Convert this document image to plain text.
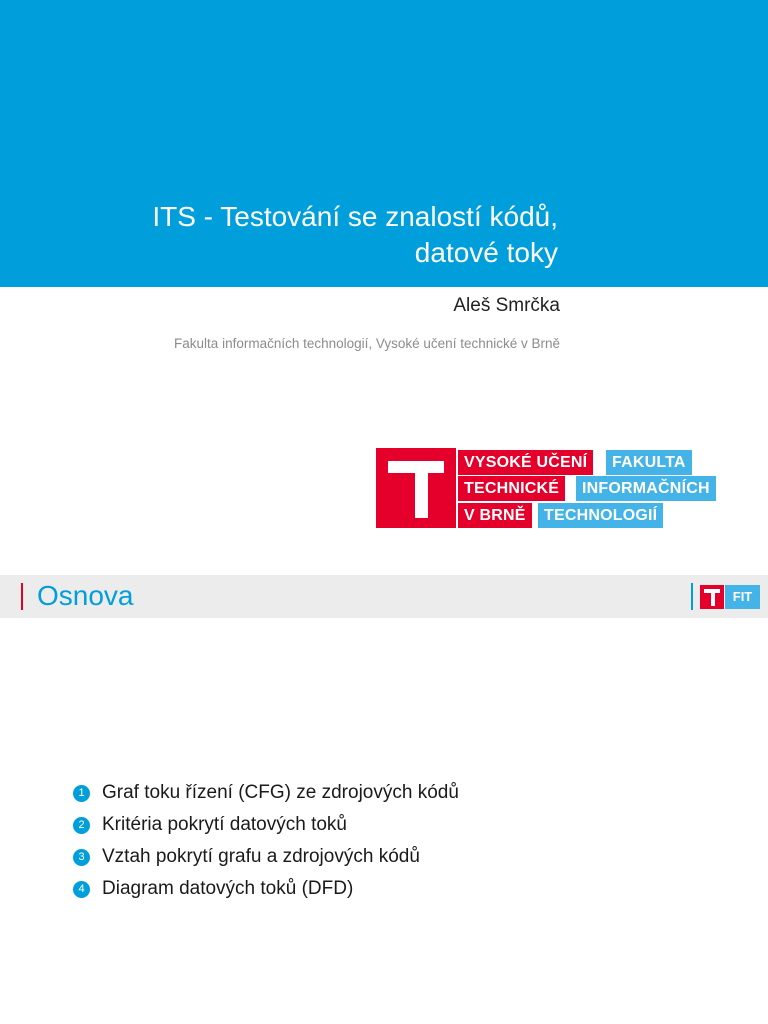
ITS - Testování se znalostí kódů,
datové toky
Aleš Smrčka
Fakulta informačních technologií, Vysoké učení technické v Brně
VYSOKÉ UČENÍ	FAKULTA
TECHNICKÉ	INFORMAČNÍCH
V BRNĚ	TECHNOLOGIÍ
Osnova	FIT
1 Graf toku řízení (CFG) ze zdrojových kódů
2 Kritéria pokrytí datových toků
3 Vztah pokrytí grafu a zdrojových kódů
4 Diagram datových toků (DFD)
